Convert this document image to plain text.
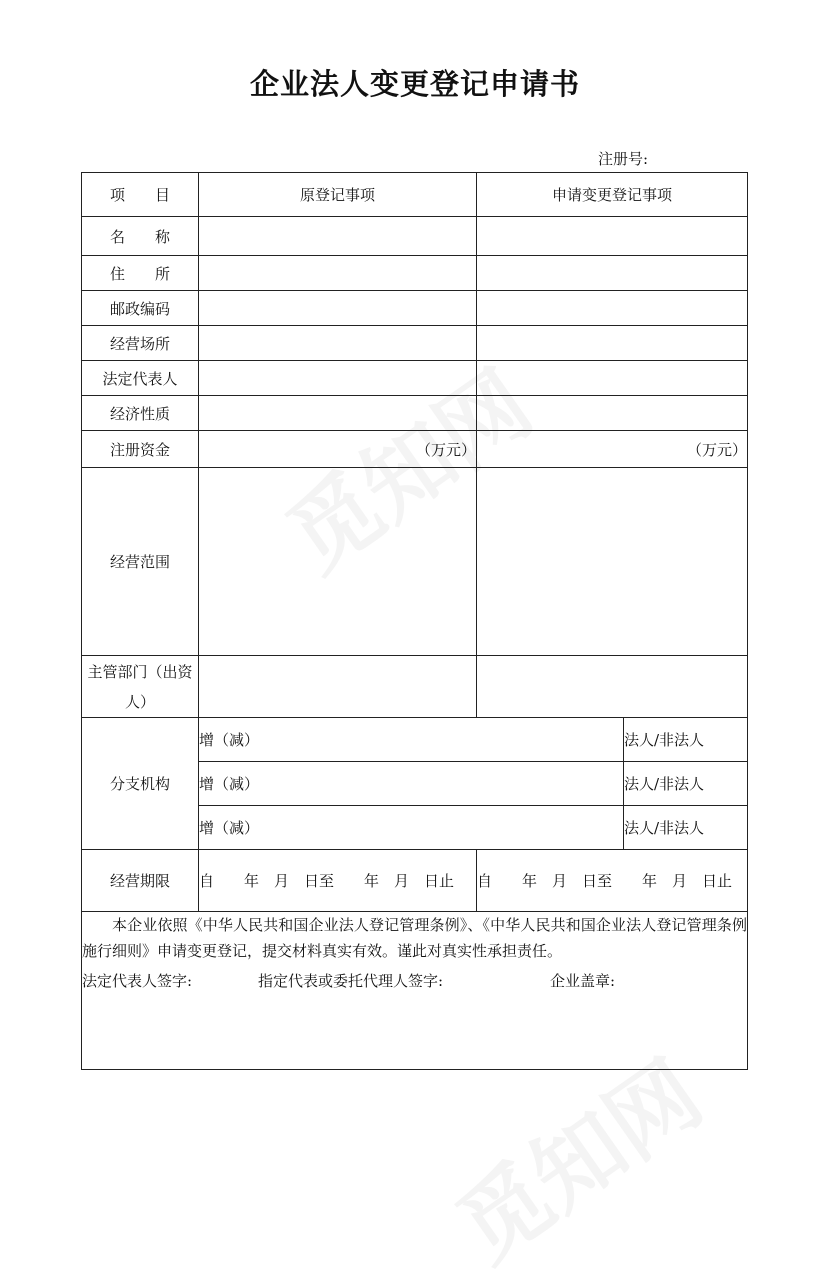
企业法人变更登记申请书
注册号:
项　　目	原登记事项	申请变更登记事项	
名　　称			
住　　所			
邮政编码			
经营场所			
法定代表人			
经济性质			
注册资金	（万元）	（万元）	
经营范围			
主管部门（出资人）			
分支机构	增（减）		法人/非法人
	增（减）		法人/非法人
	增（减）		法人/非法人
经营期限	自　　年　月　日至　　年　月　日止	自　　年　月　日至　　年　月　日止	

本企业依照《中华人民共和国企业法人登记管理条例》、《中华人民共和国企业法人登记管理条例施行细则》申请变更登记，提交材料真实有效。谨此对真实性承担责任。

法定代表人签字: 指定代表或委托代理人签字: 企业盖章:			
